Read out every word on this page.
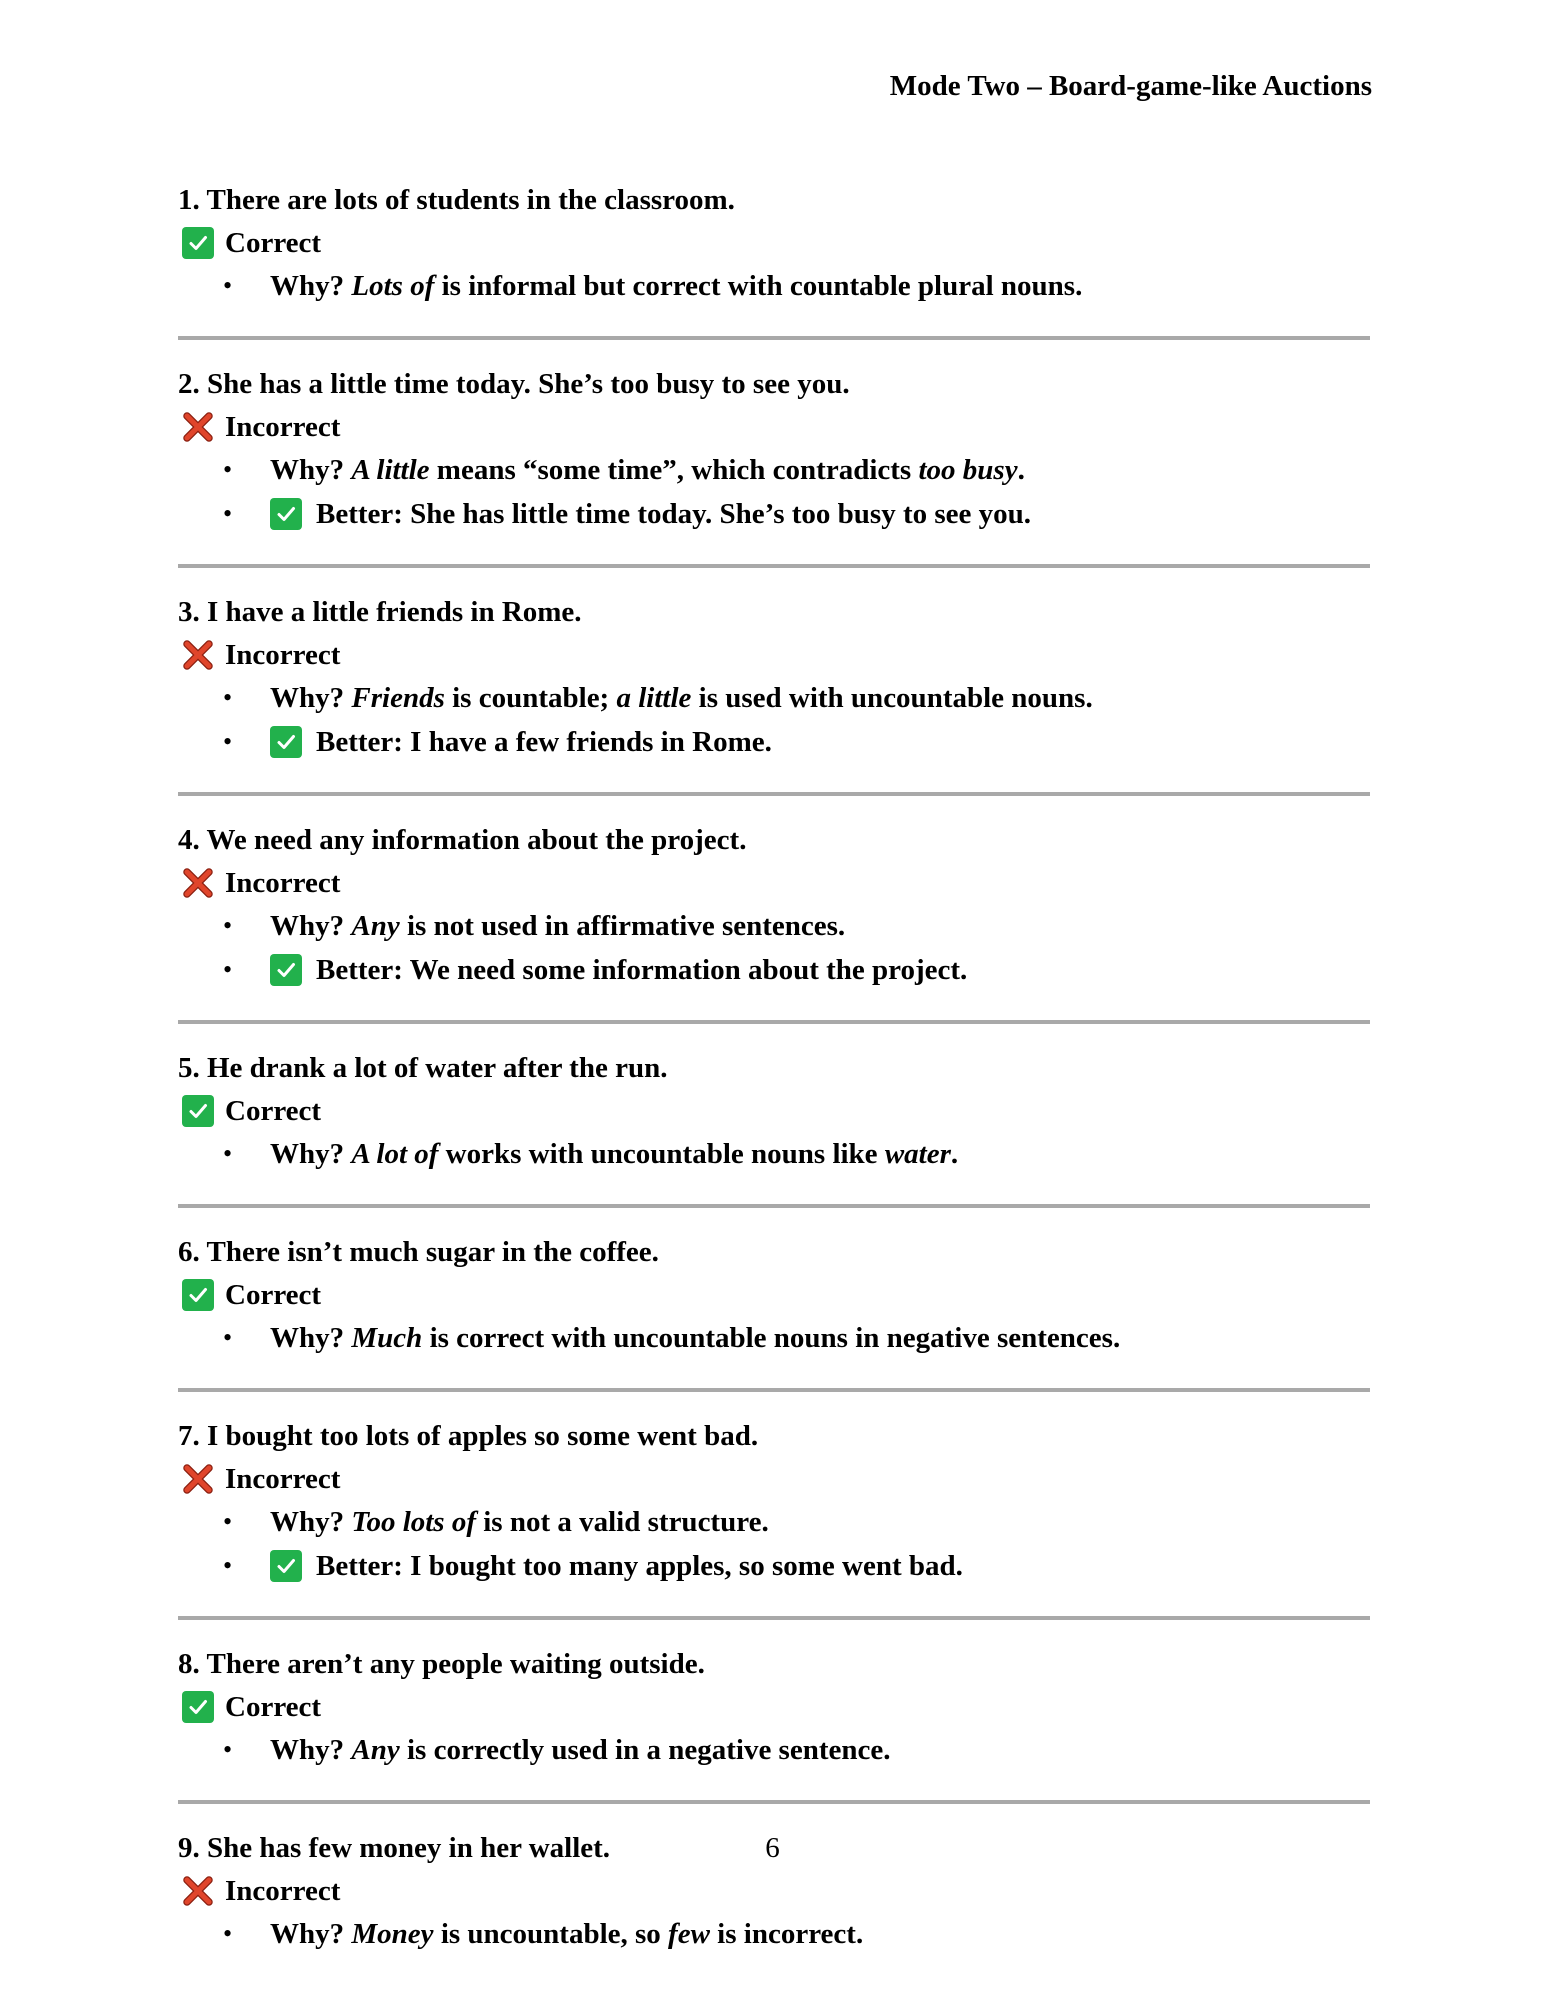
Mode Two – Board-game-like Auctions
1. There are lots of students in the classroom.
Correct
• Why? Lots of is informal but correct with countable plural nouns.
2. She has a little time today. She’s too busy to see you.
Incorrect
• Why? A little means “some time”, which contradicts too busy.
•	Better: She has little time today. She’s too busy to see you.
3. I have a little friends in Rome.
Incorrect
• Why? Friends is countable; a little is used with uncountable nouns.
•	Better: I have a few friends in Rome.
4. We need any information about the project.
Incorrect
• Why? Any is not used in affirmative sentences.
•	Better: We need some information about the project.
5. He drank a lot of water after the run.
Correct
• Why? A lot of works with uncountable nouns like water.
6. There isn’t much sugar in the coffee.
Correct
• Why? Much is correct with uncountable nouns in negative sentences.
7. I bought too lots of apples so some went bad.
Incorrect
• Why? Too lots of is not a valid structure.
•	Better: I bought too many apples, so some went bad.
8. There aren’t any people waiting outside.
Correct
• Why? Any is correctly used in a negative sentence.
9. She has few money in her wallet.
Incorrect
• Why? Money is uncountable, so few is incorrect.
6
